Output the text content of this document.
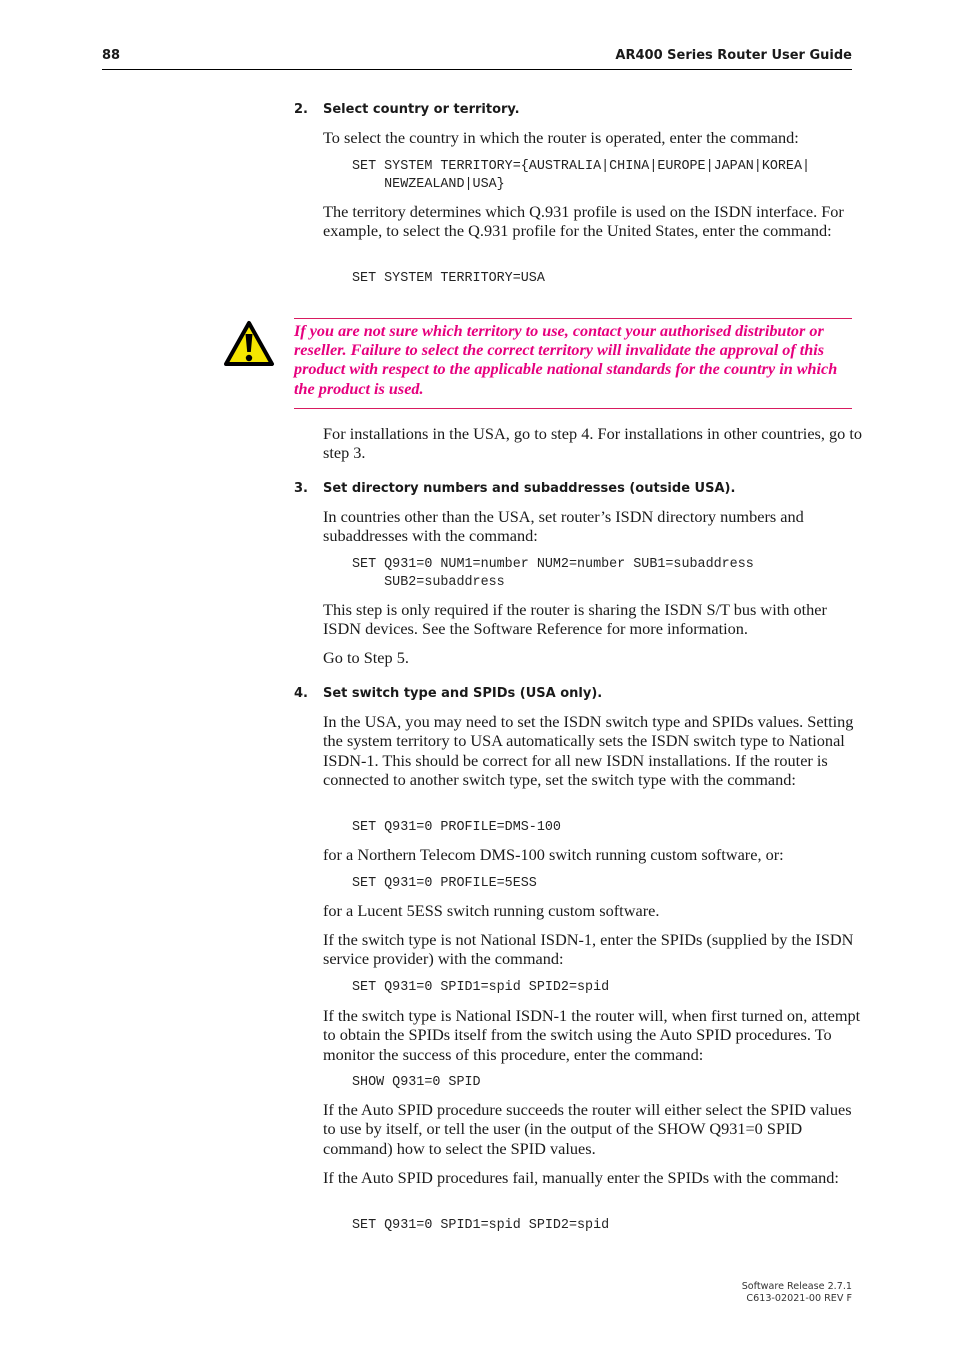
88	AR400 Series Router User Guide
2. Select country or territory.
To select the country in which the router is operated, enter the command:
SET SYSTEM TERRITORY={AUSTRALIA|CHINA|EUROPE|JAPAN|KOREA|
NEWZEALAND|USA}
The territory determines which Q.931 profile is used on the ISDN interface. For example, to select the Q.931 profile for the United States, enter the command:
SET SYSTEM TERRITORY=USA
If you are not sure which territory to use, contact your authorised distributor or reseller. Failure to select the correct territory will invalidate the approval of this product with respect to the applicable national standards for the country in which the product is used.
For installations in the USA, go to step 4. For installations in other countries, go to step 3.
3. Set directory numbers and subaddresses (outside USA).
In countries other than the USA, set router’s ISDN directory numbers and subaddresses with the command:
SET Q931=0 NUM1=number NUM2=number SUB1=subaddress
SUB2=subaddress
This step is only required if the router is sharing the ISDN S/T bus with other ISDN devices. See the Software Reference for more information.
Go to Step 5.
4. Set switch type and SPIDs (USA only).
In the USA, you may need to set the ISDN switch type and SPIDs values. Setting the system territory to USA automatically sets the ISDN switch type to National ISDN-1. This should be correct for all new ISDN installations. If the router is connected to another switch type, set the switch type with the command:
SET Q931=0 PROFILE=DMS-100
for a Northern Telecom DMS-100 switch running custom software, or:
SET Q931=0 PROFILE=5ESS
for a Lucent 5ESS switch running custom software.
If the switch type is not National ISDN-1, enter the SPIDs (supplied by the ISDN service provider) with the command:
SET Q931=0 SPID1=spid SPID2=spid
If the switch type is National ISDN-1 the router will, when first turned on, attempt to obtain the SPIDs itself from the switch using the Auto SPID procedures. To monitor the success of this procedure, enter the command:
SHOW Q931=0 SPID
If the Auto SPID procedure succeeds the router will either select the SPID values to use by itself, or tell the user (in the output of the SHOW Q931=0 SPID command) how to select the SPID values.
If the Auto SPID procedures fail, manually enter the SPIDs with the command:
SET Q931=0 SPID1=spid SPID2=spid
Software Release 2.7.1
C613-02021-00 REV F
